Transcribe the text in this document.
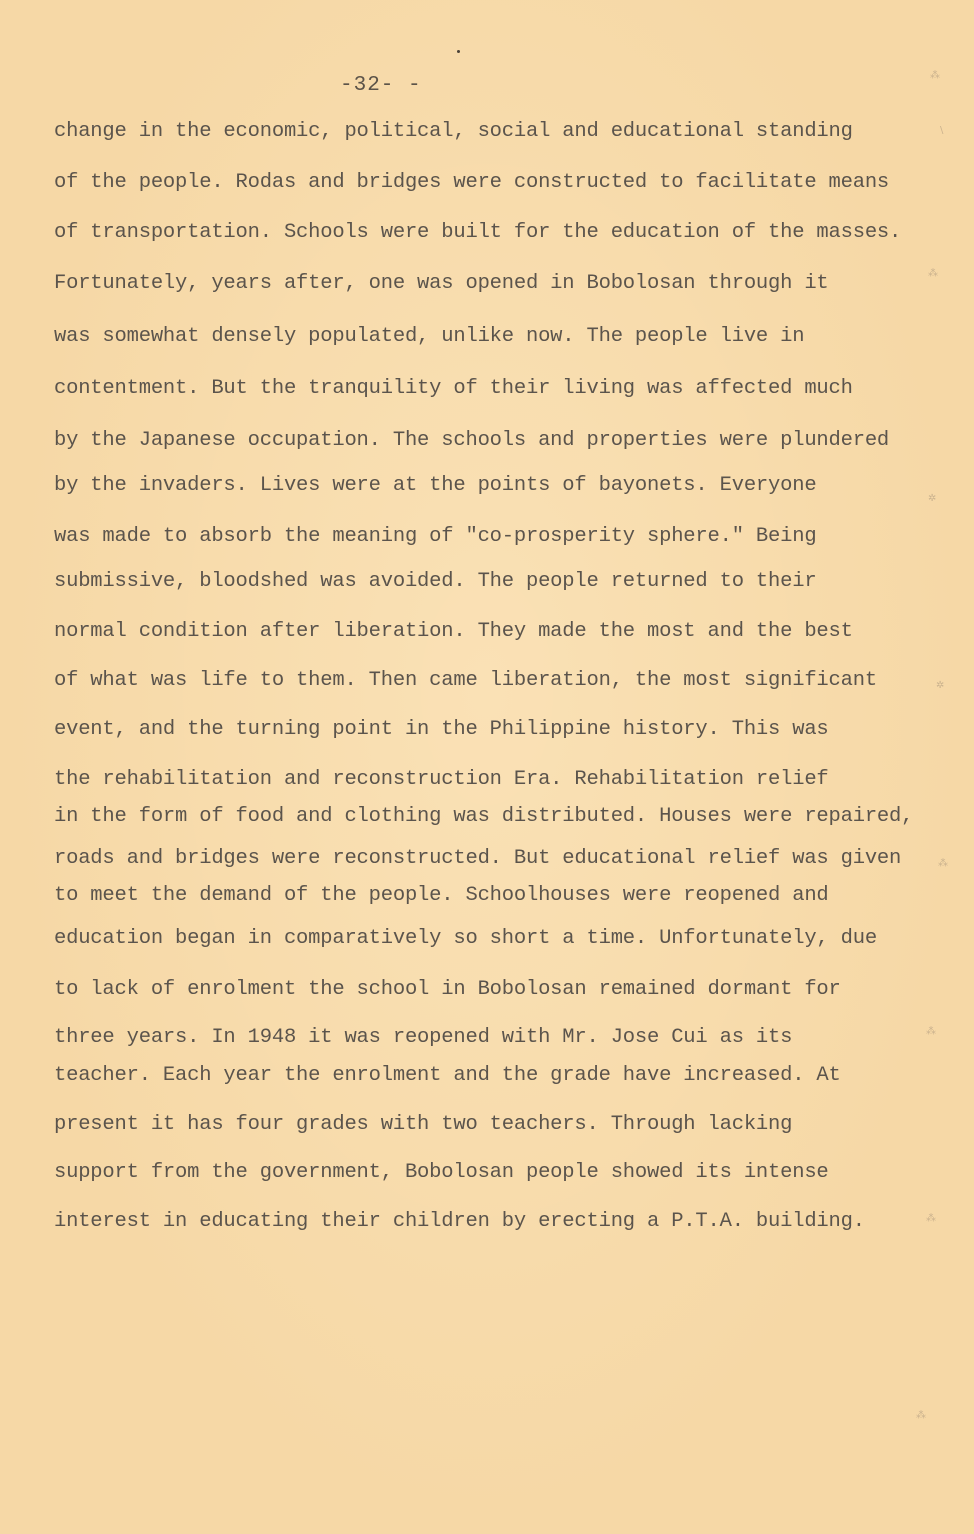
-32- -
change in the economic, political, social and educational standing
of the people. Rodas and bridges were constructed to facilitate means
of transportation. Schools were built for the education of the masses.
Fortunately, years after, one was opened in Bobolosan through it
was somewhat densely populated, unlike now. The people live in
contentment. But the tranquility of their living was affected much
by the Japanese occupation. The schools and properties were plundered
by the invaders. Lives were at the points of bayonets. Everyone
was made to absorb the meaning of "co-prosperity sphere." Being
submissive, bloodshed was avoided. The people returned to their
normal condition after liberation. They made the most and the best
of what was life to them. Then came liberation, the most significant
event, and the turning point in the Philippine history. This was
the rehabilitation and reconstruction Era. Rehabilitation relief
in the form of food and clothing was distributed. Houses were repaired,
roads and bridges were reconstructed. But educational relief was given
to meet the demand of the people. Schoolhouses were reopened and
education began in comparatively so short a time. Unfortunately, due
to lack of enrolment the school in Bobolosan remained dormant for
three years. In 1948 it was reopened with Mr. Jose Cui as its
teacher. Each year the enrolment and the grade have increased. At
present it has four grades with two teachers. Through lacking
support from the government, Bobolosan people showed its intense
interest in educating their children by erecting a P.T.A. building.
⁂
\
⁂
✲
✲
⁂
⁂
⁂
⁂
